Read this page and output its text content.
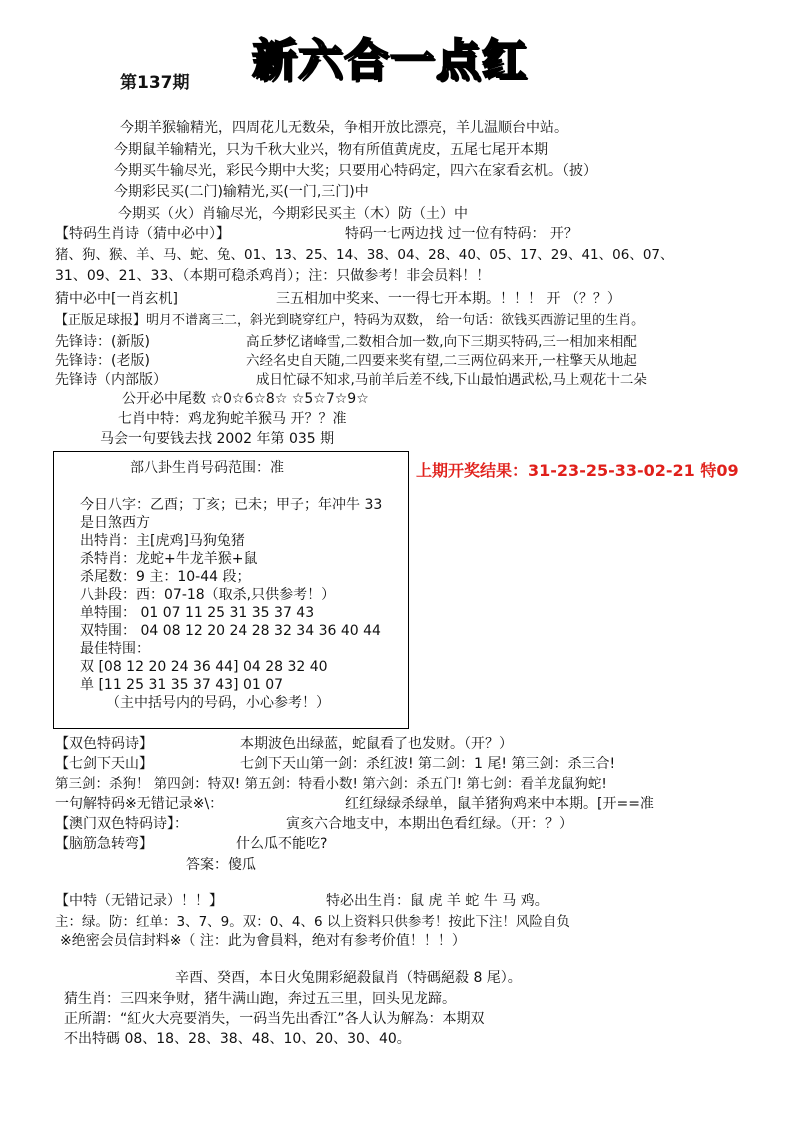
第137期 新六合一点红
今期羊猴输精光，四周花儿无数朵，争相开放比漂亮，羊儿温顺台中站。
今期鼠羊输精光，只为千秋大业兴，物有所值黄虎皮，五尾七尾开本期
今期买牛输尽光，彩民今期中大奖；只要用心特码定，四六在家看玄机。（披）
今期彩民买(二门)输精光,买(一门,三门)中
今期买（火）肖输尽光，今期彩民买主（木）防（土）中
【特码生肖诗（猜中必中）】	特码一七两边找 过一位有特码： 开？
猪、狗、猴、羊、马、蛇、兔、01、13、25、14、38、04、28、40、05、17、29、41、06、07、
31、09、21、33、（本期可稳杀鸡肖）；注：只做参考！非会员料！！
猜中必中[一肖玄机]	三五相加中奖来、一一得七开本期。！！！ 开 （？？）
【正版足球报】明月不谱离三二，斜光到晓穿红户，特码为双数， 给一句话：欲钱买西游记里的生肖。
先锋诗：(新版)	高丘梦忆诸峰雪,二数相合加一数,向下三期买特码,三一相加来相配
先锋诗：(老版)	六经名史自天随,二四要来奖有望,二三两位码来开,一柱擎天从地起
先锋诗（内部版）	成日忙碌不知求,马前羊后差不线,下山最怕遇武松,马上观花十二朵
公开必中尾数 ☆0☆6☆8☆ ☆5☆7☆9☆
七肖中特：鸡龙狗蛇羊猴马 开？？准
马会一句要钱去找 2002 年第 035 期
部八卦生肖号码范围：准
今日八字：乙酉；丁亥；已未；甲子；年冲牛 33
是日煞西方
出特肖：主[虎鸡]马狗兔猪
杀特肖：龙蛇+牛龙羊猴+鼠
杀尾数：9 主：10-44 段；
八卦段：西：07-18（取杀,只供参考！）
单特围： 01 07 11 25 31 35 37 43
双特围： 04 08 12 20 24 28 32 34 36 40 44
最佳特围：
双 [08 12 20 24 36 44] 04 28 32 40
单 [11 25 31 35 37 43] 01 07
（主中括号内的号码，小心参考！）
上期开奖结果：31-23-25-33-02-21 特09
【双色特码诗】	本期波色出绿蓝，蛇鼠看了也发财。（开？）
【七剑下天山】	七剑下天山第一剑：杀红波! 第二剑：1 尾! 第三剑：杀三合!
第三剑：杀狗！ 第四剑：特双! 第五剑：特看小数! 第六剑：杀五门! 第七剑：看羊龙鼠狗蛇!
一句解特码※无错记录※\：	红红绿绿杀绿单，鼠羊猪狗鸡来中本期。[开==准
【澳门双色特码诗】：	寅亥六合地支中，本期出色看红绿。（开：？）
【脑筋急转弯】	什么瓜不能吃?
答案：傻瓜
【中特（无错记录）！！】	特必出生肖：鼠 虎 羊 蛇 牛 马 鸡。
主：绿。防：红单：3、7、9。双：0、4、6 以上资料只供参考！按此下注！风险自负
※绝密会员信封料※（ 注：此为會員料，绝对有参考价值！！！）
辛酉、癸酉，本日火兔開彩絕殺鼠肖（特碼絕殺 8 尾）。
猜生肖：三四来争财，猪牛满山跑，奔过五三里，回头见龙蹄。
正所謂：“紅火大亮要消失，一码当先出香江”各人认为解為：本期双
不出特碼 08、18、28、38、48、10、20、30、40。
